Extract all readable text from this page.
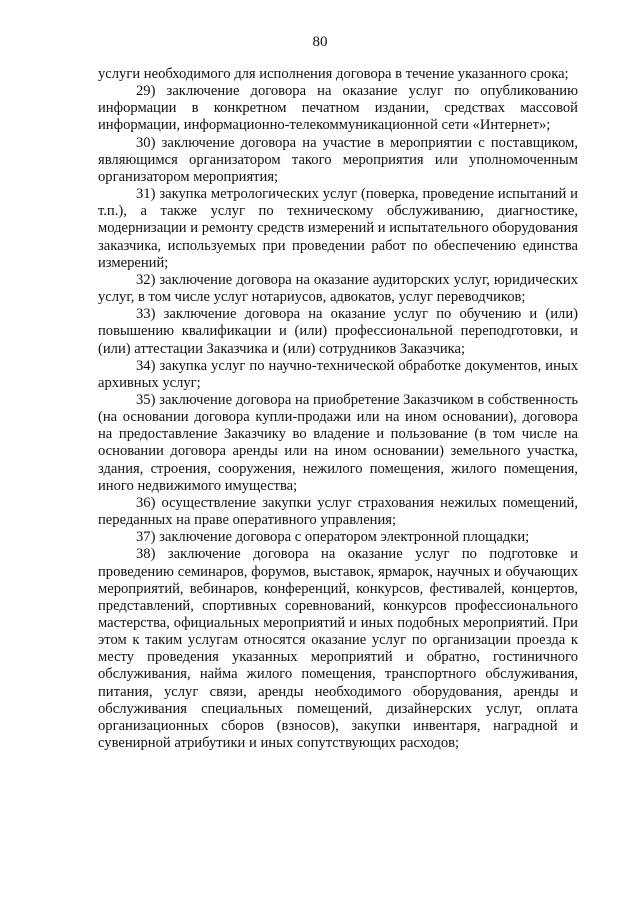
80

услуги необходимого для исполнения договора в течение указанного срока;

29) заключение договора на оказание услуг по опубликованию информации в конкретном печатном издании, средствах массовой информации, информационно-телекоммуникационной сети «Интернет»;

30) заключение договора на участие в мероприятии с поставщиком, являющимся организатором такого мероприятия или уполномоченным организатором мероприятия;

31) закупка метрологических услуг (поверка, проведение испытаний и т.п.), а также услуг по техническому обслуживанию, диагностике, модернизации и ремонту средств измерений и испытательного оборудования заказчика, используемых при проведении работ по обеспечению единства измерений;

32) заключение договора на оказание аудиторских услуг, юридических услуг, в том числе услуг нотариусов, адвокатов, услуг переводчиков;

33) заключение договора на оказание услуг по обучению и (или) повышению квалификации и (или) профессиональной переподготовки, и (или) аттестации Заказчика и (или) сотрудников Заказчика;

34) закупка услуг по научно-технической обработке документов, иных архивных услуг;

35) заключение договора на приобретение Заказчиком в собственность (на основании договора купли-продажи или на ином основании), договора на предоставление Заказчику во владение и пользование (в том числе на основании договора аренды или на ином основании) земельного участка, здания, строения, сооружения, нежилого помещения, жилого помещения, иного недвижимого имущества;

36) осуществление закупки услуг страхования нежилых помещений, переданных на праве оперативного управления;

37) заключение договора с оператором электронной площадки;

38) заключение договора на оказание услуг по подготовке и проведению семинаров, форумов, выставок, ярмарок, научных и обучающих мероприятий, вебинаров, конференций, конкурсов, фестивалей, концертов, представлений, спортивных соревнований, конкурсов профессионального мастерства, официальных мероприятий и иных подобных мероприятий. При этом к таким услугам относятся оказание услуг по организации проезда к месту проведения указанных мероприятий и обратно, гостиничного обслуживания, найма жилого помещения, транспортного обслуживания, питания, услуг связи, аренды необходимого оборудования, аренды и обслуживания специальных помещений, дизайнерских услуг, оплата организационных сборов (взносов), закупки инвентаря, наградной и сувенирной атрибутики и иных сопутствующих расходов;
